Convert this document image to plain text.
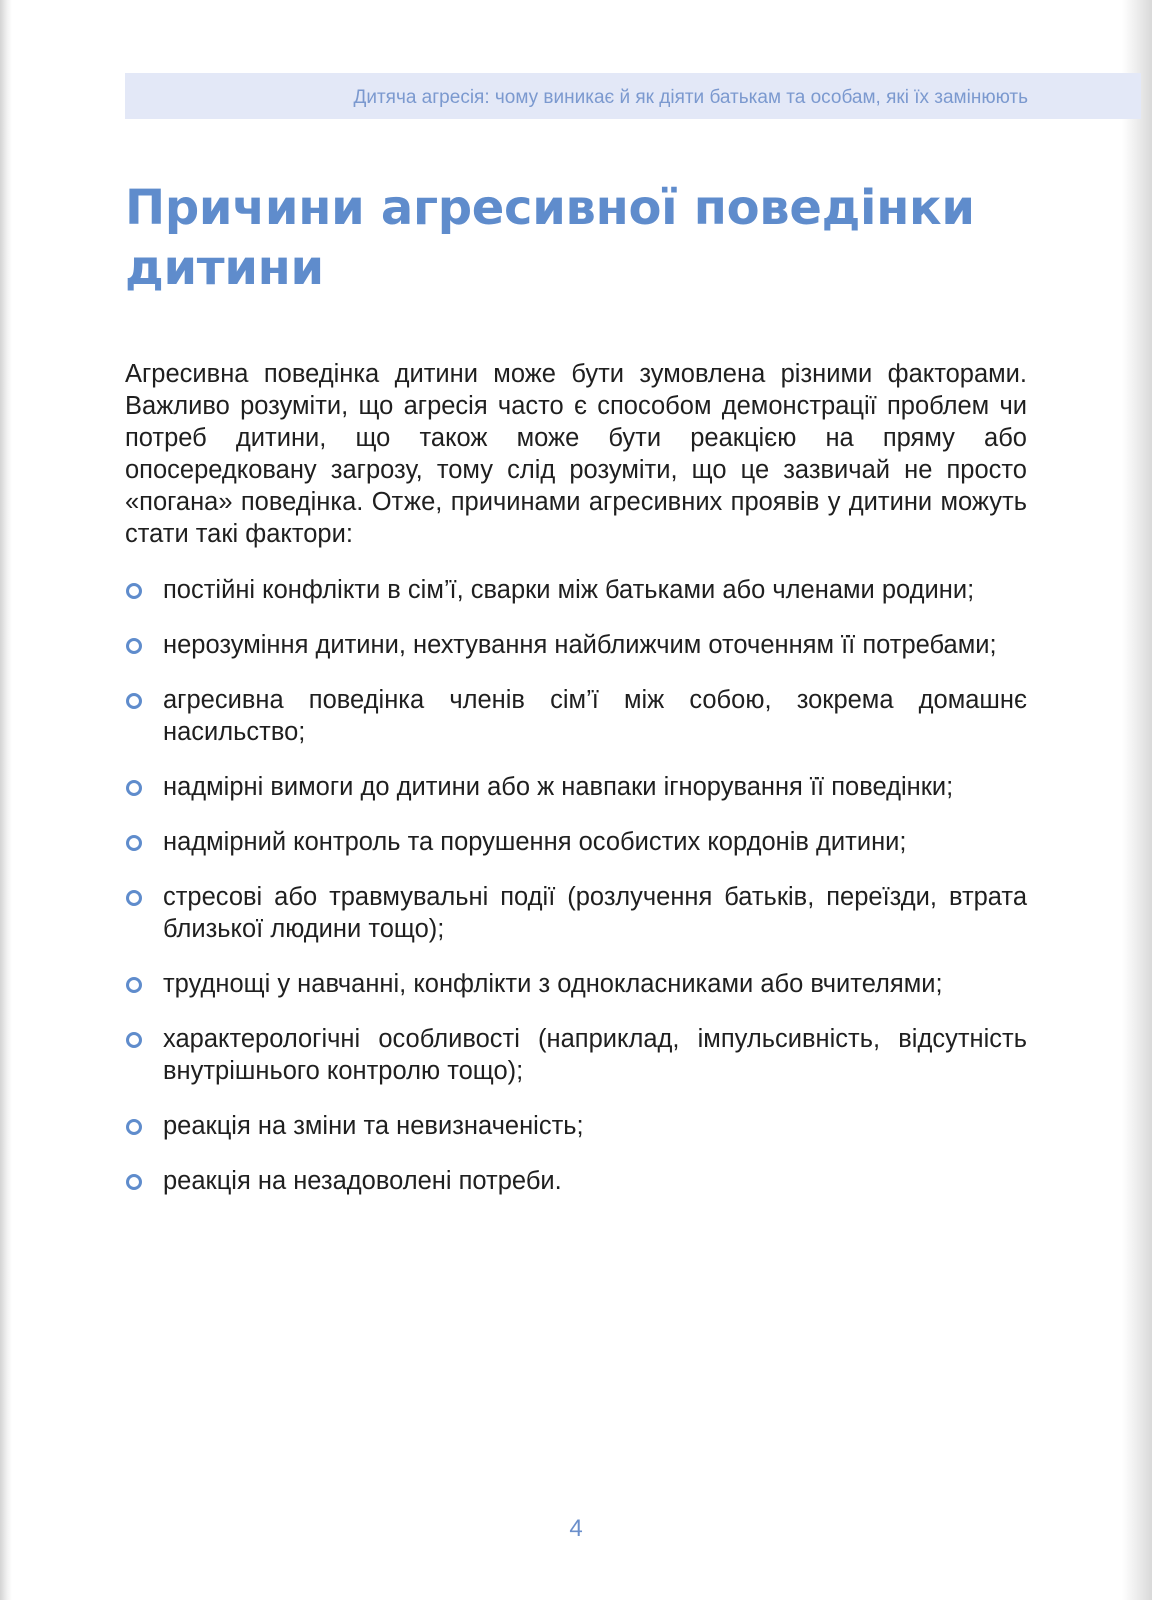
Дитяча агресія: чому виникає й як діяти батькам та особам, які їх замінюють
Причини агресивної поведінки дитини

Агресивна поведінка дитини може бути зумовлена різними факторами. Важливо розуміти, що агресія часто є способом демонстрації проблем чи потреб дитини, що також може бути реакцією на пряму або опосередковану загрозу, тому слід розуміти, що це зазвичай не просто «погана» поведінка. Отже, причинами агресивних проявів у дитини можуть стати такі фактори:

постійні конфлікти в сім’ї, сварки між батьками або членами родини;
нерозуміння дитини, нехтування найближчим оточенням її потребами;
агресивна поведінка членів сім’ї між собою, зокрема домашнє насильство;
надмірні вимоги до дитини або ж навпаки ігнорування її поведінки;
надмірний контроль та порушення особистих кордонів дитини;
стресові або травмувальні події (розлучення батьків, переїзди, втрата близької людини тощо);
труднощі у навчанні, конфлікти з однокласниками або вчителями;
характерологічні особливості (наприклад, імпульсивність, відсутність внутрішнього контролю тощо);
реакція на зміни та невизначеність;
реакція на незадоволені потреби.
4
